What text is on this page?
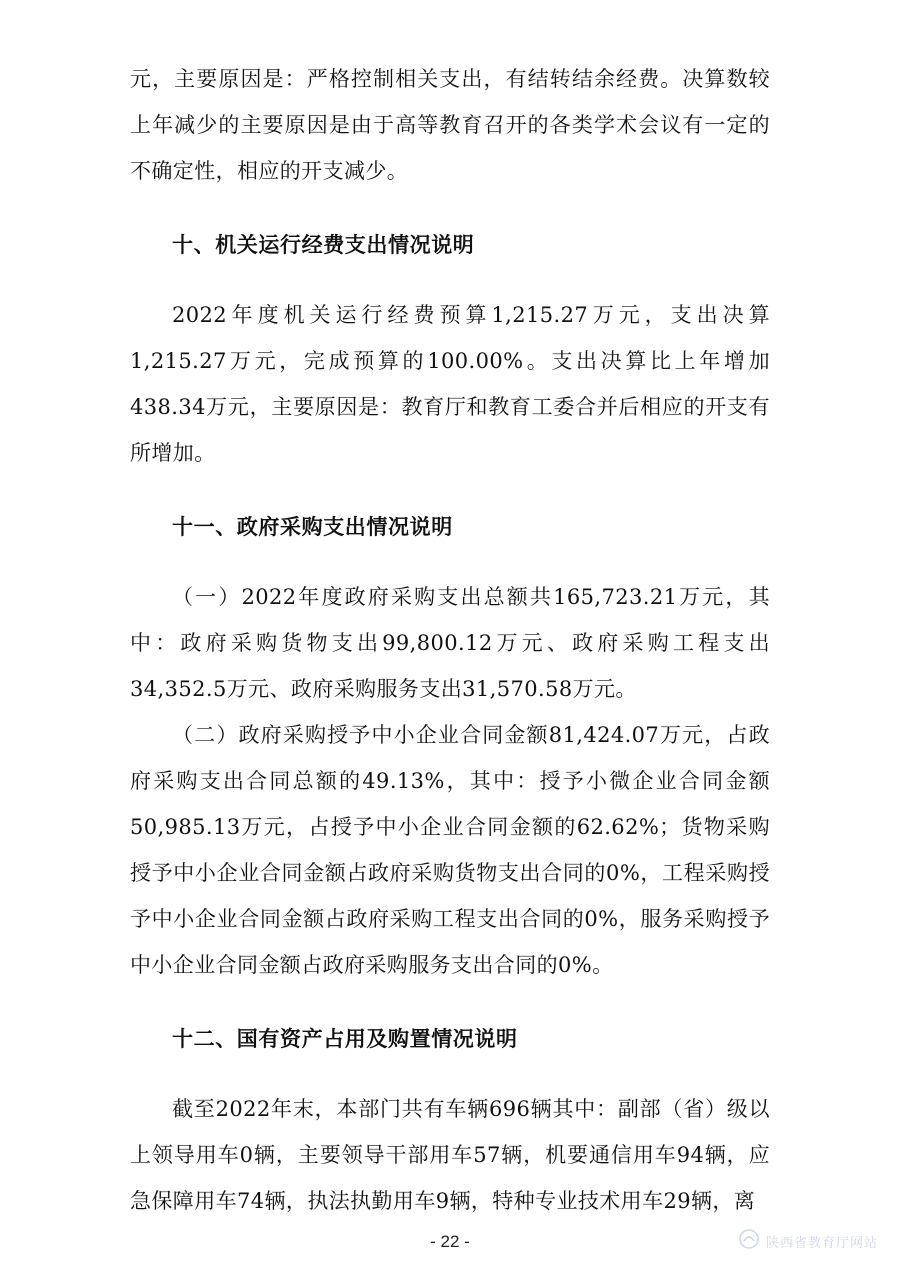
元，主要原因是：严格控制相关支出，有结转结余经费。决算数较上年减少的主要原因是由于高等教育召开的各类学术会议有一定的不确定性，相应的开支减少。

十、机关运行经费支出情况说明

2022年度机关运行经费预算1,215.27万元，支出决算1,215.27万元，完成预算的100.00%。支出决算比上年增加438.34万元，主要原因是：教育厅和教育工委合并后相应的开支有所增加。

十一、政府采购支出情况说明

（一）2022年度政府采购支出总额共165,723.21万元，其中：政府采购货物支出99,800.12万元、政府采购工程支出34,352.5万元、政府采购服务支出31,570.58万元。

（二）政府采购授予中小企业合同金额81,424.07万元，占政府采购支出合同总额的49.13%，其中：授予小微企业合同金额50,985.13万元，占授予中小企业合同金额的62.62%；货物采购授予中小企业合同金额占政府采购货物支出合同的0%，工程采购授予中小企业合同金额占政府采购工程支出合同的0%，服务采购授予中小企业合同金额占政府采购服务支出合同的0%。

十二、国有资产占用及购置情况说明

截至2022年末，本部门共有车辆696辆其中：副部（省）级以上领导用车0辆，主要领导干部用车57辆，机要通信用车94辆，应急保障用车74辆，执法执勤用车9辆，特种专业技术用车29辆，离

- 22 -	陕西省教育厅网站
